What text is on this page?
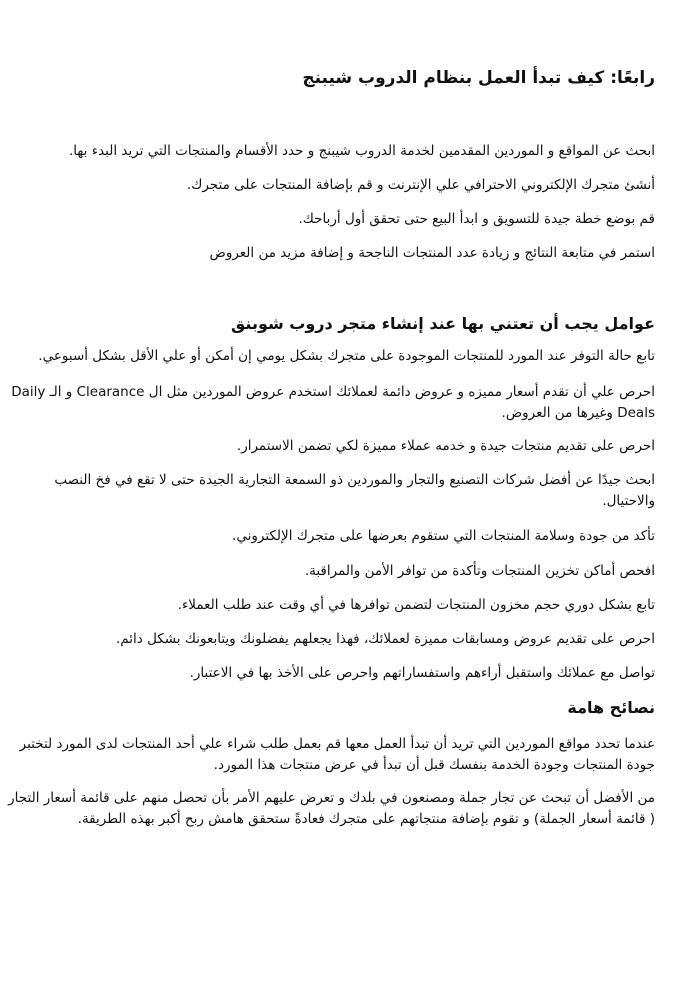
رابعًا: كيف تبدأ العمل بنظام الدروب شيبنج

ابحث عن المواقع و الموردين المقدمين لخدمة الدروب شيبنج و حدد الأقسام والمنتجات التي تريد البدء بها.

أنشئ متجرك الإلكتروني الاحترافي علي الإنترنت و قم بإضافة المنتجات على متجرك.

قم بوضع خطة جيدة للتسويق و ابدأ البيع حتى تحقق أول أرباحك.

استمر في متابعة النتائج و زيادة عدد المنتجات الناجحة و إضافة مزيد من العروض

عوامل يجب أن تعتني بها عند إنشاء متجر دروب شوبنق

تابع حالة التوفر عند المورد للمنتجات الموجودة على متجرك بشكل يومي إن أمكن أو علي الأقل بشكل أسبوعي.

احرص علي أن تقدم أسعار مميزه و عروض دائمة لعملائك استخدم عروض الموردين مثل ال Clearance و الـ Daily Deals وغيرها من العروض.

احرص على تقديم منتجات جيدة و خدمه عملاء مميزة لكي تضمن الاستمرار.

ابحث جيدًا عن أفضل شركات التصنيع والتجار والموردين ذو السمعة التجارية الجيدة حتى لا تقع في فخ النصب والاحتيال.

تأكد من جودة وسلامة المنتجات التي ستقوم بعرضها على متجرك الإلكتروني.

افحص أماكن تخزين المنتجات وتأكدة من توافر الأمن والمراقبة.

تابع بشكل دوري حجم مخزون المنتجات لتضمن توافرها في أي وقت عند طلب العملاء.

احرص على تقديم عروض ومسابقات مميزة لعملائك، فهذا يجعلهم يفضلونك ويتابعونك بشكل دائم.

تواصل مع عملائك واستقبل أراءهم واستفساراتهم واحرص على الأخذ بها في الاعتبار.

نصائح هامة

عندما تحدد مواقع الموردين التي تريد أن تبدأ العمل معها قم بعمل طلب شراء علي أحد المنتجات لدى المورد لتختبر جودة المنتجات وجودة الخدمة بنفسك قبل أن تبدأ في عرض منتجات هذا المورد.

من الأفضل أن تبحث عن تجار جملة ومصنعون في بلدك و تعرض عليهم الأمر بأن تحصل منهم على قائمة أسعار التجار ( قائمة أسعار الجملة) و تقوم بإضافة منتجاتهم على متجرك فعادةً ستحقق هامش ربح أكبر بهذه الطريقة.
